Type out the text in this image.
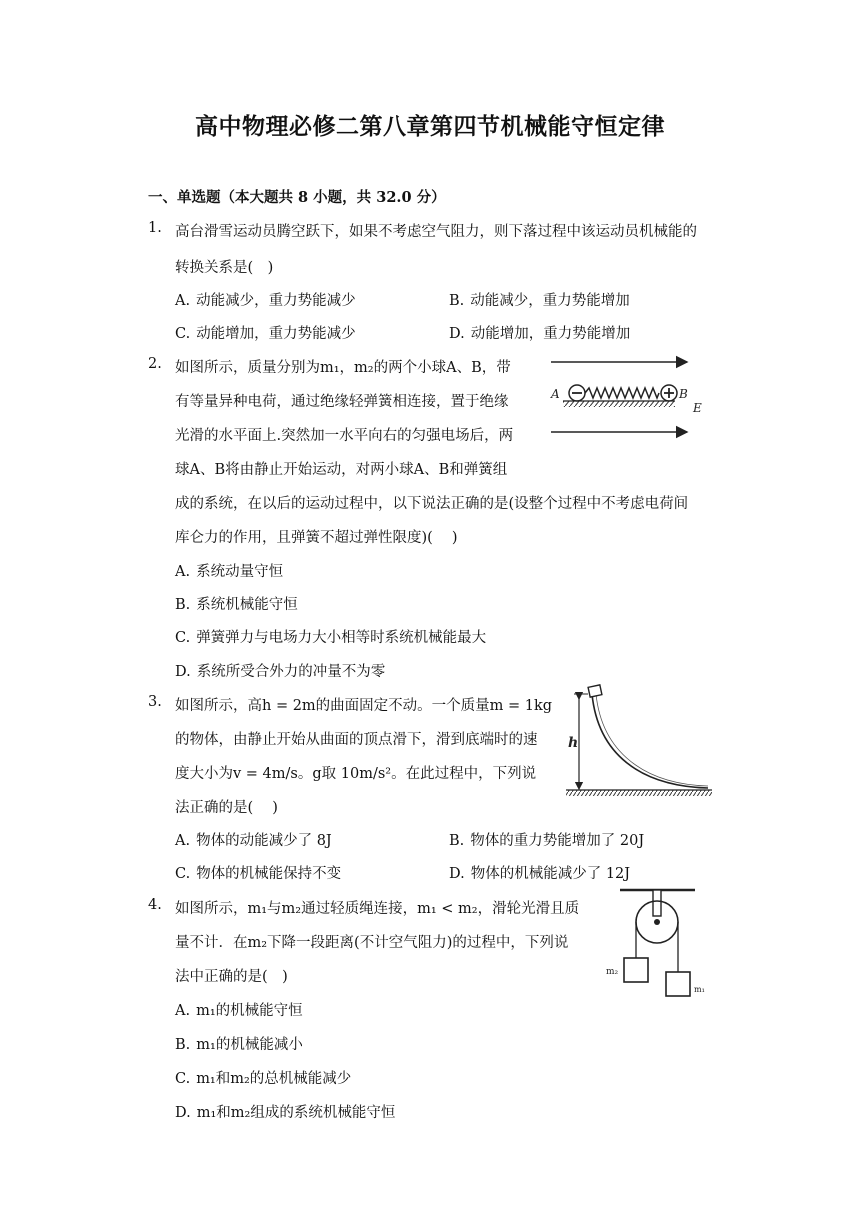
高中物理必修二第八章第四节机械能守恒定律
一、单选题（本大题共 8 小题，共 32.0 分）
1. 高台滑雪运动员腾空跃下，如果不考虑空气阻力，则下落过程中该运动员机械能的
转换关系是(　)
A. 动能减少，重力势能减少	B. 动能减少，重力势能增加
C. 动能增加，重力势能减少	D. 动能增加，重力势能增加
2. 如图所示，质量分别为m₁，m₂的两个小球A、B，带
有等量异种电荷，通过绝缘轻弹簧相连接，置于绝缘
光滑的水平面上.突然加一水平向右的匀强电场后，两
球A、B将由静止开始运动，对两小球A、B和弹簧组
成的系统，在以后的运动过程中，以下说法正确的是(设整个过程中不考虑电荷间
库仑力的作用，且弹簧不超过弹性限度)(　 )
A. 系统动量守恒
B. 系统机械能守恒
C. 弹簧弹力与电场力大小相等时系统机械能最大
D. 系统所受合外力的冲量不为零
A	B
E
3. 如图所示，高h = 2m的曲面固定不动。一个质量m = 1kg
的物体，由静止开始从曲面的顶点滑下，滑到底端时的速
度大小为v = 4m/s。g取 10m/s²。在此过程中，下列说
法正确的是(　 )
A. 物体的动能减少了 8J	B. 物体的重力势能增加了 20J
C. 物体的机械能保持不变	D. 物体的机械能减少了 12J
h
4. 如图所示，m₁与m₂通过轻质绳连接，m₁ < m₂，滑轮光滑且质
量不计．在m₂下降一段距离(不计空气阻力)的过程中，下列说
法中正确的是(　)
A. m₁的机械能守恒
B. m₁的机械能减小
C. m₁和m₂的总机械能减少
D. m₁和m₂组成的系统机械能守恒
m₂
m₁
